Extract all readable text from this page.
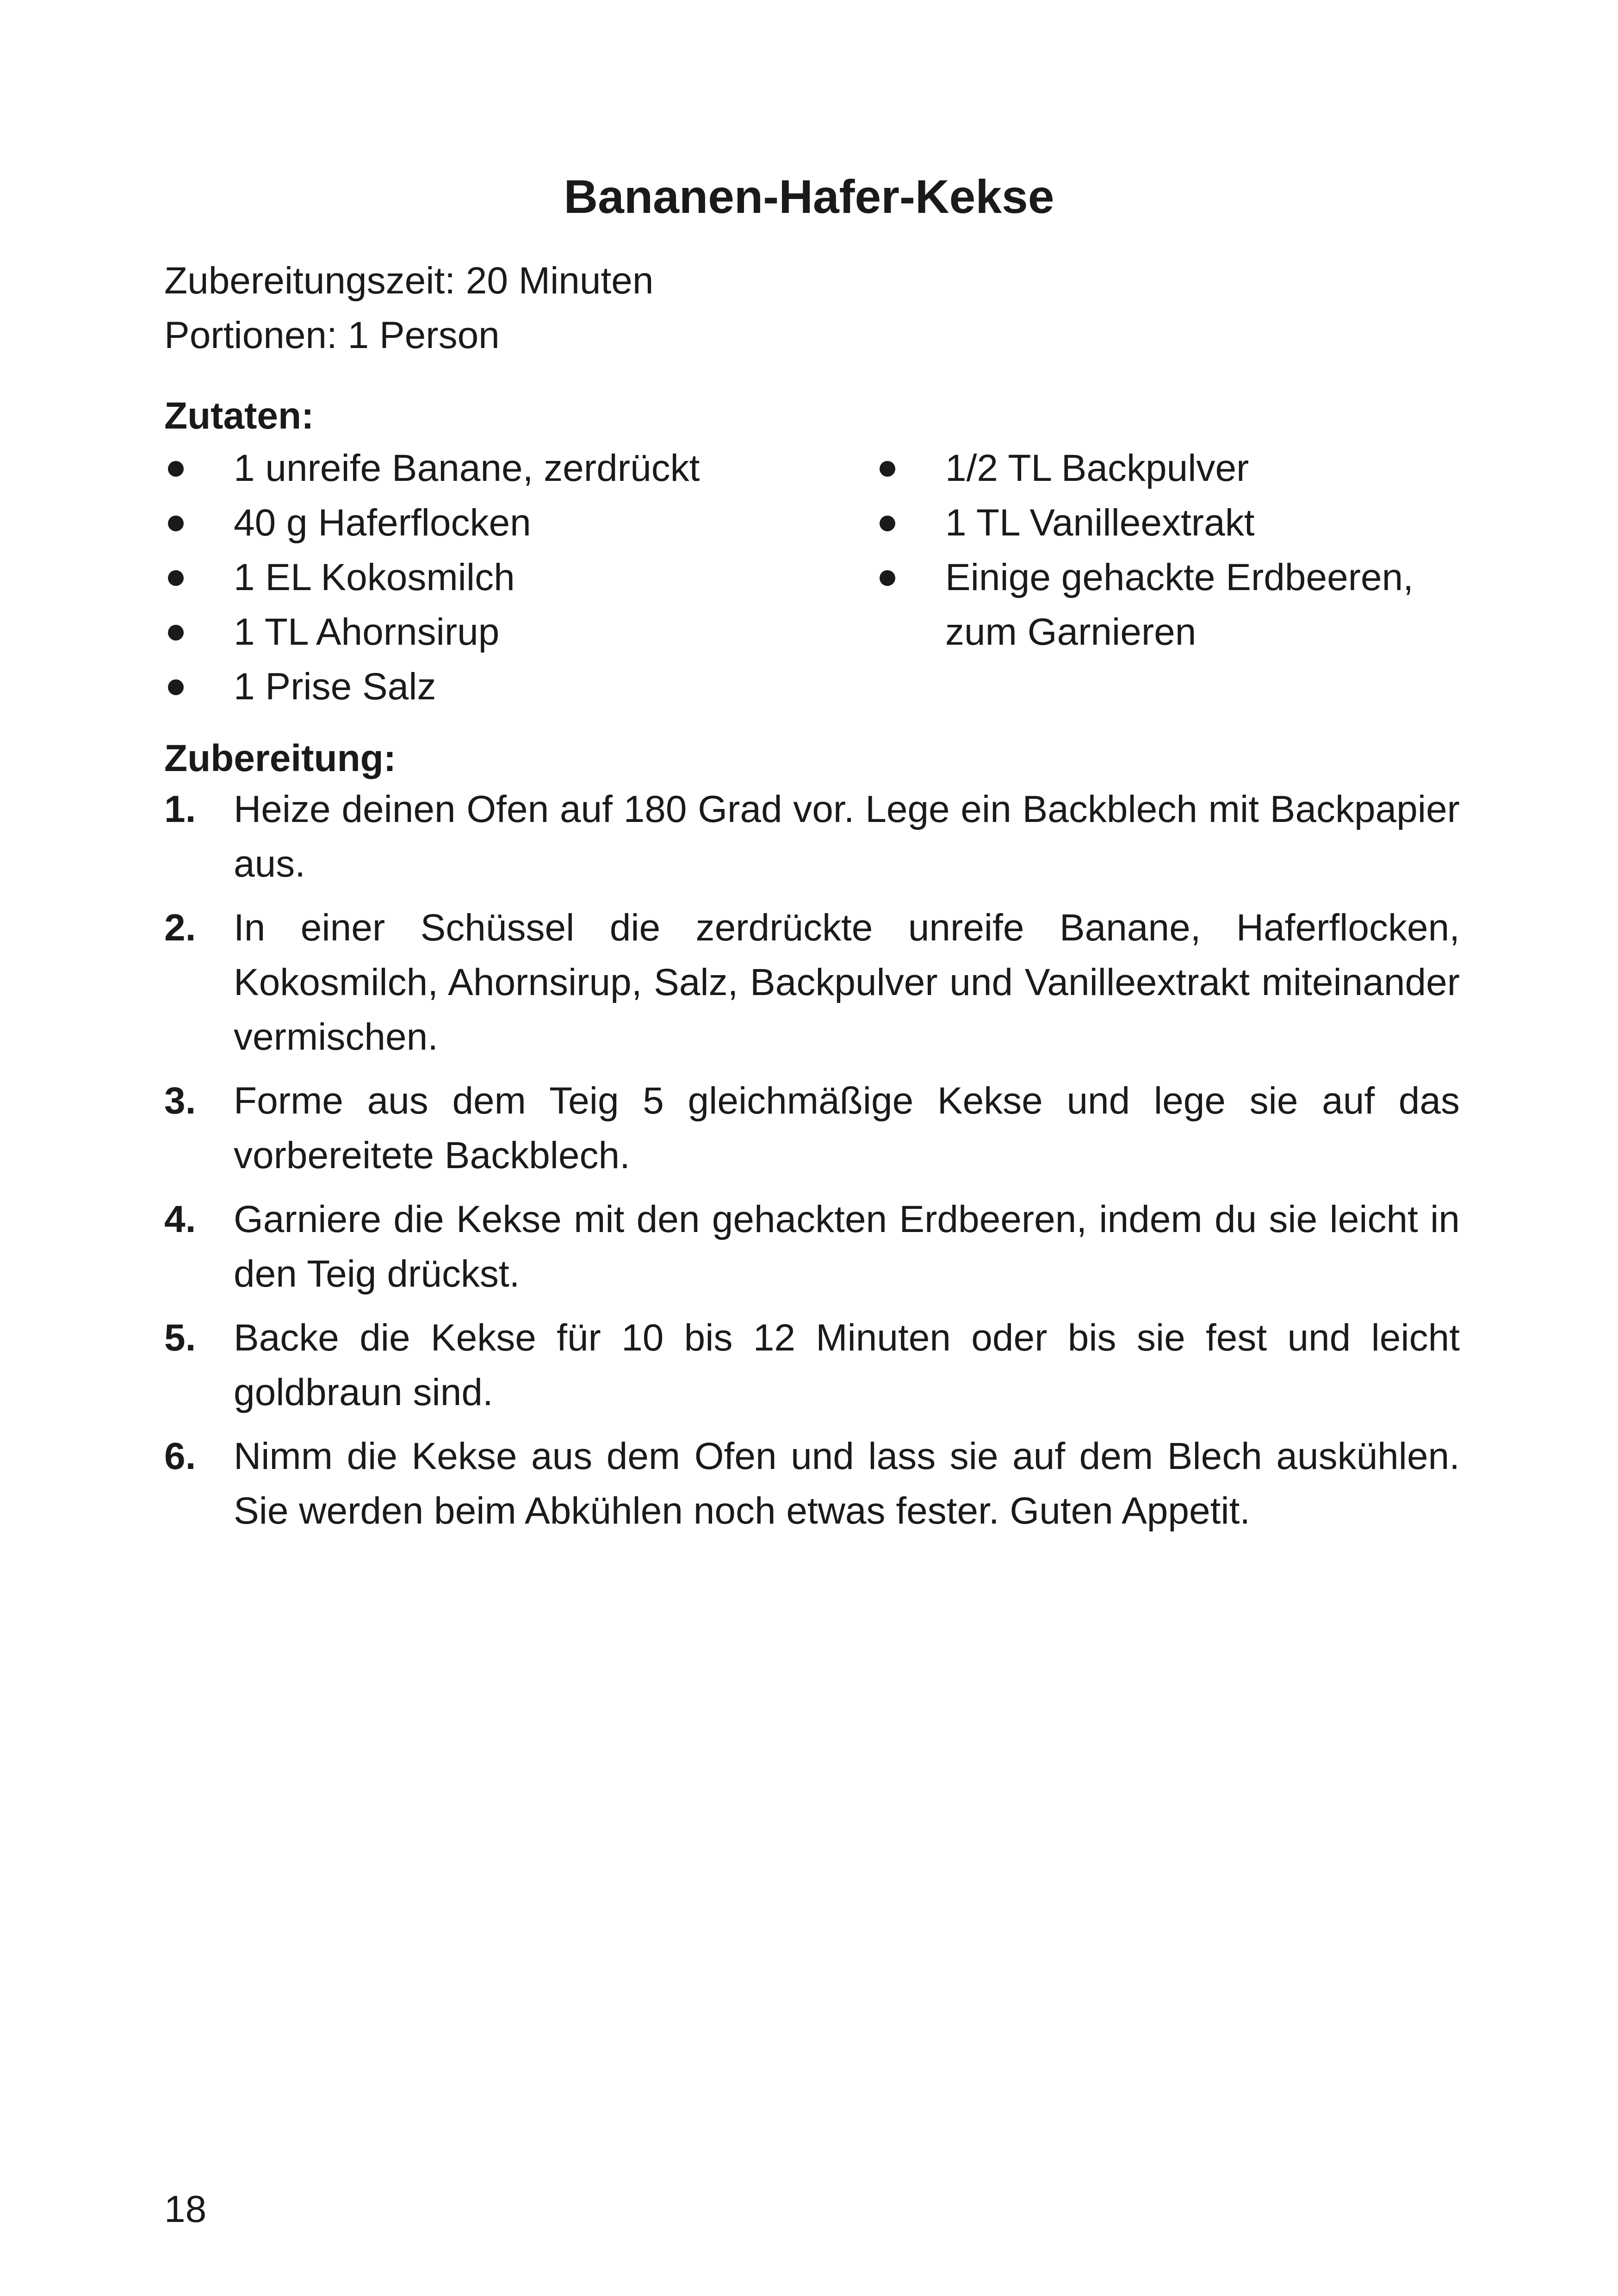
Bananen-Hafer-Kekse
Zubereitungszeit: 20 Minuten
Portionen: 1 Person
Zutaten:
1 unreife Banane, zerdrückt
40 g Haferflocken
1 EL Kokosmilch
1 TL Ahornsirup
1 Prise Salz
1/2 TL Backpulver
1 TL Vanilleextrakt
Einige gehackte Erdbeeren, zum Garnieren
Zubereitung:
1. Heize deinen Ofen auf 180 Grad vor. Lege ein Backblech mit Backpapier aus.
2. In einer Schüssel die zerdrückte unreife Banane, Haferflocken, Kokosmilch, Ahornsirup, Salz, Backpulver und Vanilleextrakt miteinander vermischen.
3. Forme aus dem Teig 5 gleichmäßige Kekse und lege sie auf das vorbereitete Backblech.
4. Garniere die Kekse mit den gehackten Erdbeeren, indem du sie leicht in den Teig drückst.
5. Backe die Kekse für 10 bis 12 Minuten oder bis sie fest und leicht goldbraun sind.
6. Nimm die Kekse aus dem Ofen und lass sie auf dem Blech auskühlen. Sie werden beim Abkühlen noch etwas fester. Guten Appetit.
18
